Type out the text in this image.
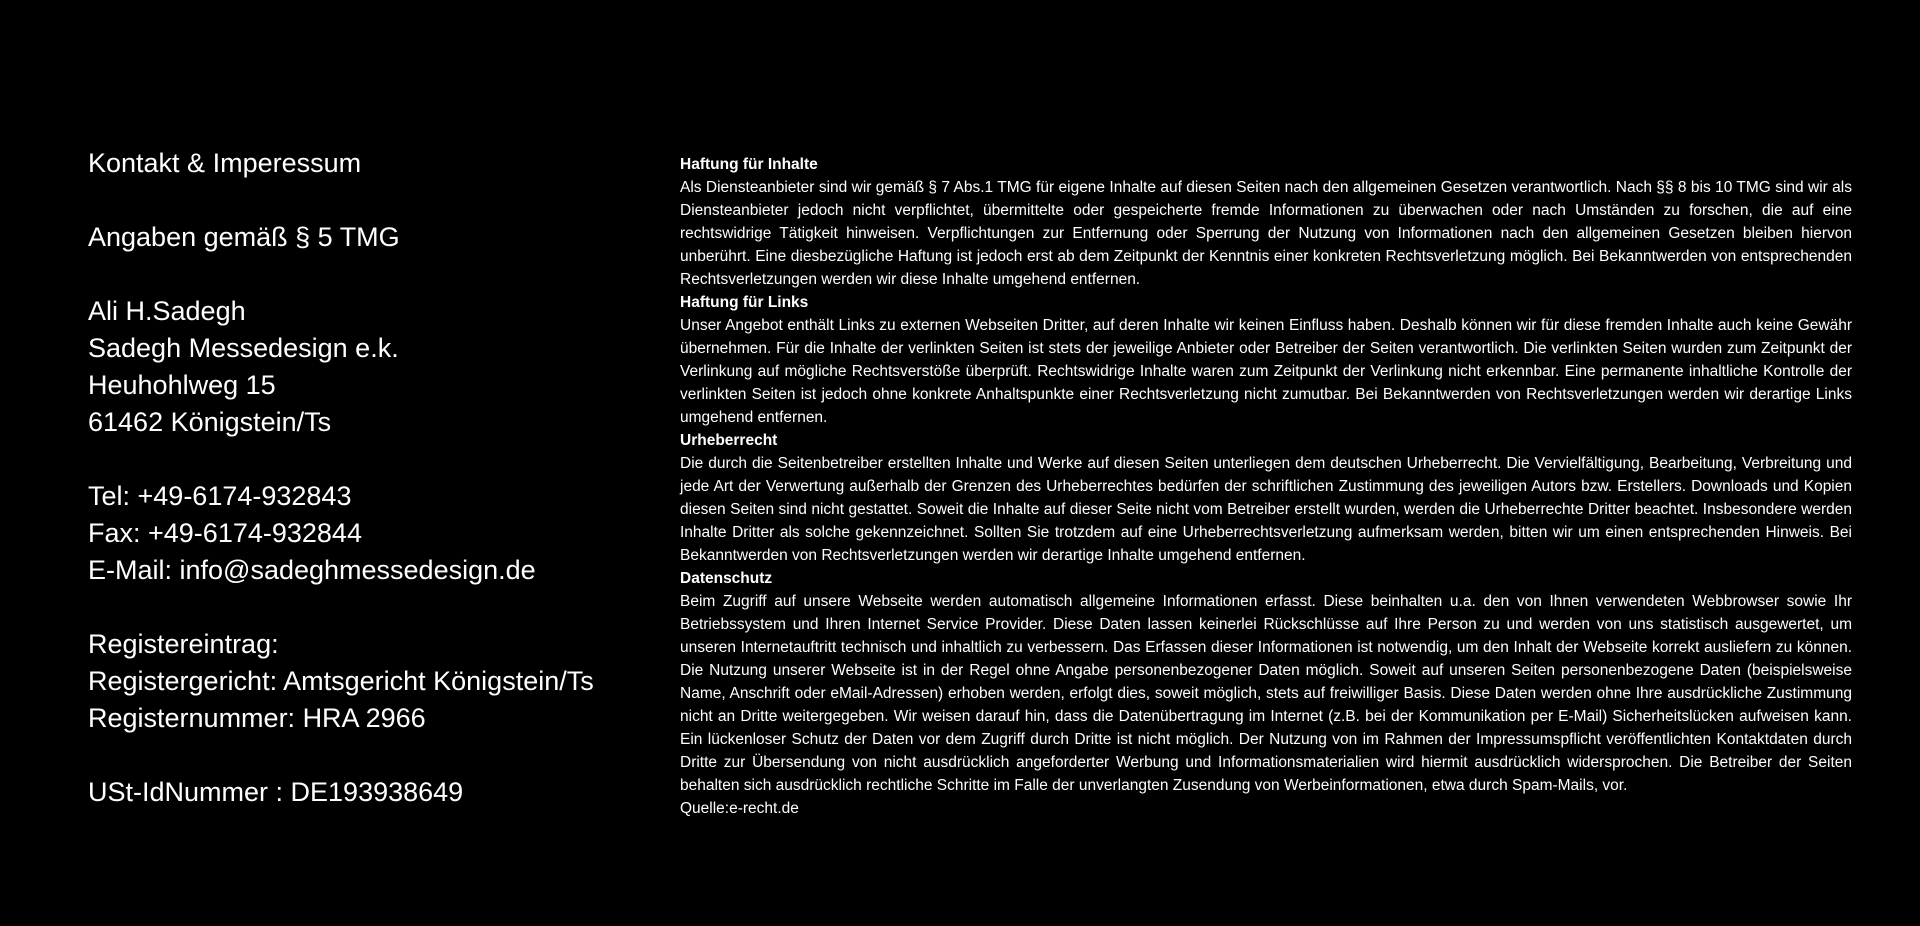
Kontakt & Imperessum
Angaben gemäß § 5 TMG
Ali H.Sadegh
Sadegh Messedesign e.k.
Heuhohlweg 15
61462 Königstein/Ts
Tel: +49-6174-932843
Fax: +49-6174-932844
E-Mail: info@sadeghmessedesign.de
Registereintrag:
Registergericht: Amtsgericht Königstein/Ts
Registernummer: HRA 2966
USt-IdNummer : DE193938649
Haftung für Inhalte

Als Diensteanbieter sind wir gemäß § 7 Abs.1 TMG für eigene Inhalte auf diesen Seiten nach den allgemeinen Gesetzen verantwortlich. Nach §§ 8 bis 10 TMG sind wir als Diensteanbieter jedoch nicht verpflichtet, übermittelte oder gespeicherte fremde Informationen zu überwachen oder nach Umständen zu forschen, die auf eine rechtswidrige Tätigkeit hinweisen. Verpflichtungen zur Entfernung oder Sperrung der Nutzung von Informationen nach den allgemeinen Gesetzen bleiben hiervon unberührt. Eine diesbezügliche Haftung ist jedoch erst ab dem Zeitpunkt der Kenntnis einer konkreten Rechtsverletzung möglich. Bei Bekanntwerden von entsprechenden Rechtsverletzungen werden wir diese Inhalte umgehend entfernen.

Haftung für Links

Unser Angebot enthält Links zu externen Webseiten Dritter, auf deren Inhalte wir keinen Einfluss haben. Deshalb können wir für diese fremden Inhalte auch keine Gewähr übernehmen. Für die Inhalte der verlinkten Seiten ist stets der jeweilige Anbieter oder Betreiber der Seiten verantwortlich. Die verlinkten Seiten wurden zum Zeitpunkt der Verlinkung auf mögliche Rechtsverstöße überprüft. Rechtswidrige Inhalte waren zum Zeitpunkt der Verlinkung nicht erkennbar. Eine permanente inhaltliche Kontrolle der verlinkten Seiten ist jedoch ohne konkrete Anhaltspunkte einer Rechtsverletzung nicht zumutbar. Bei Bekanntwerden von Rechtsverletzungen werden wir derartige Links umgehend entfernen.

Urheberrecht

Die durch die Seitenbetreiber erstellten Inhalte und Werke auf diesen Seiten unterliegen dem deutschen Urheberrecht. Die Vervielfältigung, Bearbeitung, Verbreitung und jede Art der Verwertung außerhalb der Grenzen des Urheberrechtes bedürfen der schriftlichen Zustimmung des jeweiligen Autors bzw. Erstellers. Downloads und Kopien diesen Seiten sind nicht gestattet. Soweit die Inhalte auf dieser Seite nicht vom Betreiber erstellt wurden, werden die Urheberrechte Dritter beachtet. Insbesondere werden Inhalte Dritter als solche gekennzeichnet. Sollten Sie trotzdem auf eine Urheberrechtsverletzung aufmerksam werden, bitten wir um einen entsprechenden Hinweis. Bei Bekanntwerden von Rechtsverletzungen werden wir derartige Inhalte umgehend entfernen.

Datenschutz

Beim Zugriff auf unsere Webseite werden automatisch allgemeine Informationen erfasst. Diese beinhalten u.a. den von Ihnen verwendeten Webbrowser sowie Ihr Betriebssystem und Ihren Internet Service Provider. Diese Daten lassen keinerlei Rückschlüsse auf Ihre Person zu und werden von uns statistisch ausgewertet, um unseren Internetauftritt technisch und inhaltlich zu verbessern. Das Erfassen dieser Informationen ist notwendig, um den Inhalt der Webseite korrekt ausliefern zu können. Die Nutzung unserer Webseite ist in der Regel ohne Angabe personenbezogener Daten möglich. Soweit auf unseren Seiten personenbezogene Daten (beispielsweise Name, Anschrift oder eMail-Adressen) erhoben werden, erfolgt dies, soweit möglich, stets auf freiwilliger Basis. Diese Daten werden ohne Ihre ausdrückliche Zustimmung nicht an Dritte weitergegeben. Wir weisen darauf hin, dass die Datenübertragung im Internet (z.B. bei der Kommunikation per E-Mail) Sicherheitslücken aufweisen kann. Ein lückenloser Schutz der Daten vor dem Zugriff durch Dritte ist nicht möglich. Der Nutzung von im Rahmen der Impressumspflicht veröffentlichten Kontaktdaten durch Dritte zur Übersendung von nicht ausdrücklich angeforderter Werbung und Informationsmaterialien wird hiermit ausdrücklich widersprochen. Die Betreiber der Seiten behalten sich ausdrücklich rechtliche Schritte im Falle der unverlangten Zusendung von Werbeinformationen, etwa durch Spam-Mails, vor.

Quelle:e-recht.de
